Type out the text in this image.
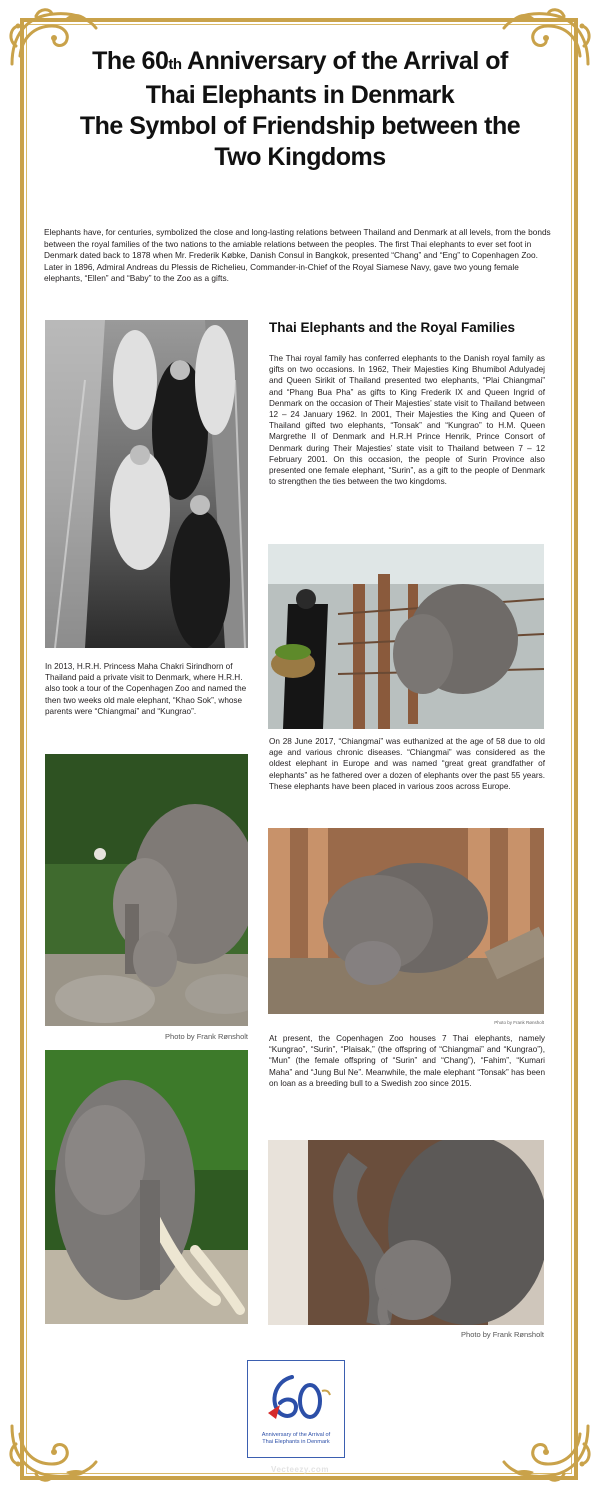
The 60th Anniversary of the Arrival of
Thai Elephants in Denmark
The Symbol of Friendship between the
Two Kingdoms
Elephants have, for centuries, symbolized the close and long-lasting relations between Thailand and Denmark at all levels, from the bonds between the royal families of the two nations to the amiable relations between the peoples. The first Thai elephants to ever set foot in Denmark dated back to 1878 when Mr. Frederik Købke, Danish Consul in Bangkok, presented “Chang” and “Eng” to Copenhagen Zoo. Later in 1896, Admiral Andreas du Plessis de Richelieu, Commander-in-Chief of the Royal Siamese Navy, gave two young female elephants, “Ellen” and “Baby” to the Zoo as a gifts.
In 2013, H.R.H. Princess Maha Chakri Sirindhorn of Thailand paid a private visit to Denmark, where H.R.H. also took a tour of the Copenhagen Zoo and named the then two weeks old male elephant, “Khao Sok”, whose parents were “Chiangmai” and “Kungrao”.
Photo by Frank Rønsholt
Thai Elephants and the Royal Families
The Thai royal family has conferred elephants to the Danish royal family as gifts on two occasions. In 1962, Their Majesties King Bhumibol Adulyadej and Queen Sirikit of Thailand presented two elephants, “Plai Chiangmai” and “Phang Bua Pha” as gifts to King Frederik IX and Queen Ingrid of Denmark on the occasion of Their Majesties’ state visit to Thailand between 12 – 24 January 1962. In 2001, Their Majesties the King and Queen of Thailand gifted two elephants, “Tonsak” and “Kungrao” to H.M. Queen Margrethe II of Denmark and H.R.H Prince Henrik, Prince Consort of Denmark during Their Majesties’ state visit to Thailand between 7 – 12 February 2001. On this occasion, the people of Surin Province also presented one female elephant, “Surin”, as a gift to the people of Denmark to strengthen the ties between the two kingdoms.
On 28 June 2017, “Chiangmai” was euthanized at the age of 58 due to old age and various chronic diseases. “Chiangmai” was considered as the oldest elephant in Europe and was named “great great grandfather of elephants” as he fathered over a dozen of elephants over the past 55 years. These elephants have been placed in various zoos across Europe.
Photo by Frank Rønsholt
At present, the Copenhagen Zoo houses 7 Thai elephants, namely “Kungrao”, “Surin”, “Plaisak,” (the offspring of “Chiangmai” and “Kungrao”), “Mun” (the female offspring of “Surin” and “Chang”), “Fahim”, “Kumari Maha” and “Jung Bul Ne”. Meanwhile, the male elephant “Tonsak” has been on loan as a breeding bull to a Swedish zoo since 2015.
Photo by Frank Rønsholt
Anniversary of the Arrival of
Thai Elephants in Denmark
Vecteezy.com
